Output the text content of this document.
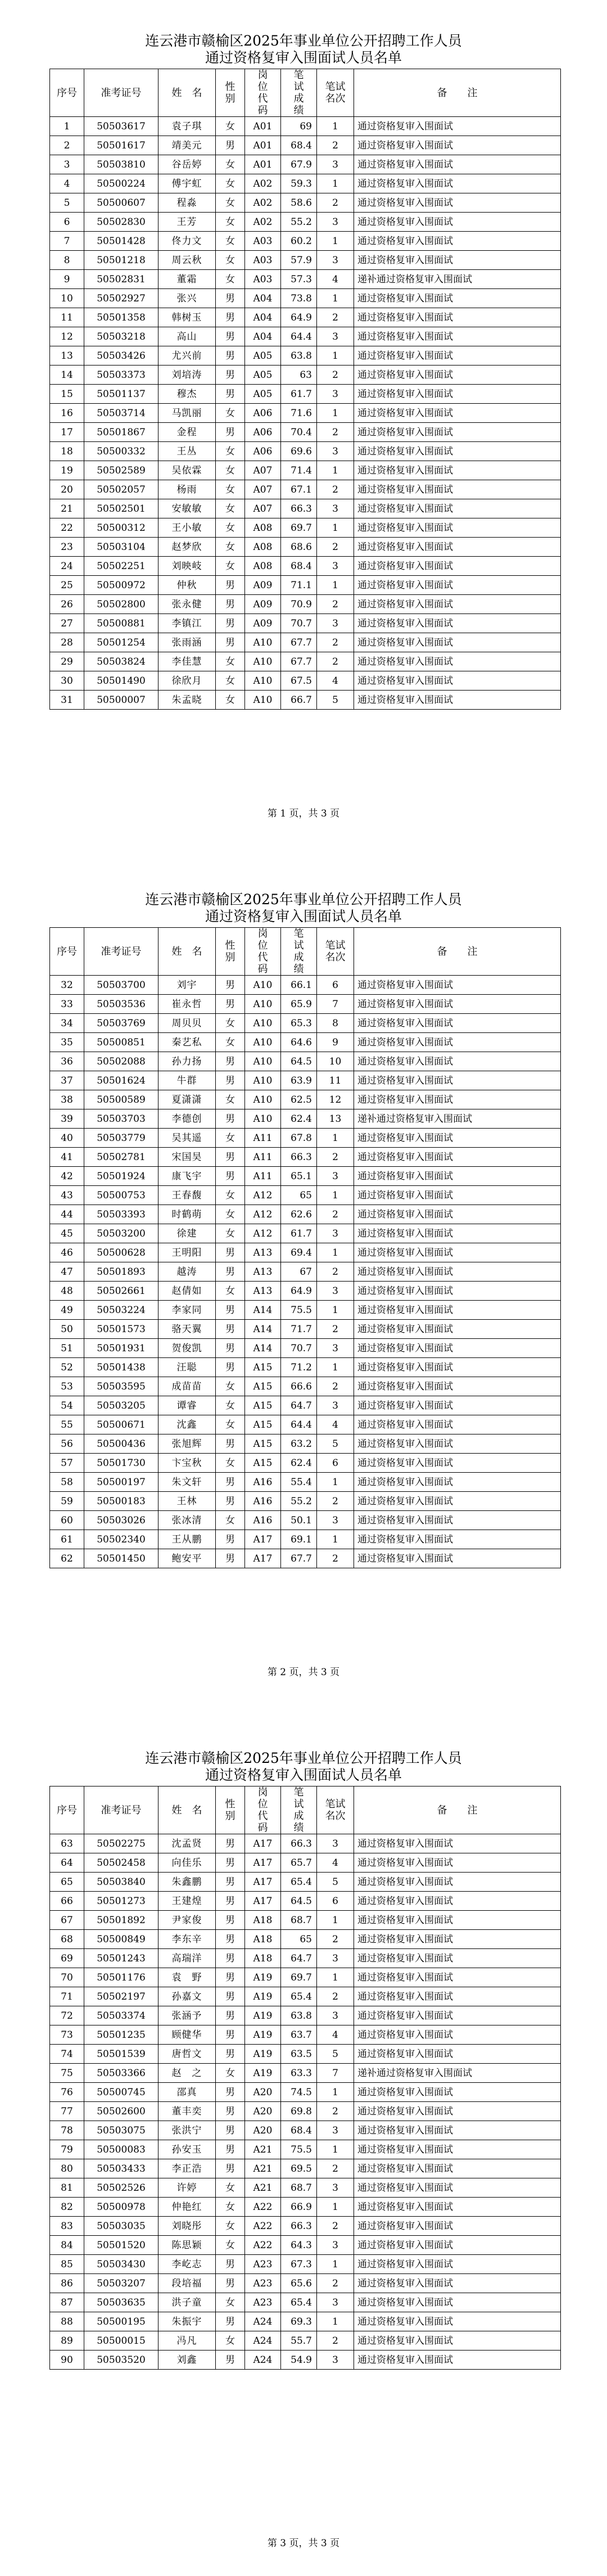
连云港市赣榆区2025年事业单位公开招聘工作人员
通过资格复审入围面试人员名单
序号	准考证号	姓　名	性别	岗位代码	笔试成绩	笔试名次	备　　注
1	50503617	袁子琪	女	A01	69	1	通过资格复审入围面试
2	50501617	靖美元	男	A01	68.4	2	通过资格复审入围面试
3	50503810	谷岳婷	女	A01	67.9	3	通过资格复审入围面试
4	50500224	傅宇虹	女	A02	59.3	1	通过资格复审入围面试
5	50500607	程淼	女	A02	58.6	2	通过资格复审入围面试
6	50502830	王芳	女	A02	55.2	3	通过资格复审入围面试
7	50501428	佟力文	女	A03	60.2	1	通过资格复审入围面试
8	50501218	周云秋	女	A03	57.9	3	通过资格复审入围面试
9	50502831	董霜	女	A03	57.3	4	递补通过资格复审入围面试
10	50502927	张兴	男	A04	73.8	1	通过资格复审入围面试
11	50501358	韩树玉	男	A04	64.9	2	通过资格复审入围面试
12	50503218	高山	男	A04	64.4	3	通过资格复审入围面试
13	50503426	尤兴前	男	A05	63.8	1	通过资格复审入围面试
14	50503373	刘培涛	男	A05	63	2	通过资格复审入围面试
15	50501137	穆杰	男	A05	61.7	3	通过资格复审入围面试
16	50503714	马凯丽	女	A06	71.6	1	通过资格复审入围面试
17	50501867	金程	男	A06	70.4	2	通过资格复审入围面试
18	50500332	王丛	女	A06	69.6	3	通过资格复审入围面试
19	50502589	吴依霖	女	A07	71.4	1	通过资格复审入围面试
20	50502057	杨雨	女	A07	67.1	2	通过资格复审入围面试
21	50502501	安敏敏	女	A07	66.3	3	通过资格复审入围面试
22	50500312	王小敏	女	A08	69.7	1	通过资格复审入围面试
23	50503104	赵梦欣	女	A08	68.6	2	通过资格复审入围面试
24	50502251	刘映岐	女	A08	68.4	3	通过资格复审入围面试
25	50500972	仲秋	男	A09	71.1	1	通过资格复审入围面试
26	50502800	张永健	男	A09	70.9	2	通过资格复审入围面试
27	50500881	李镇江	男	A09	70.7	3	通过资格复审入围面试
28	50501254	张雨涵	男	A10	67.7	2	通过资格复审入围面试
29	50503824	李佳慧	女	A10	67.7	2	通过资格复审入围面试
30	50501490	徐欣月	女	A10	67.5	4	通过资格复审入围面试
31	50500007	朱孟晓	女	A10	66.7	5	通过资格复审入围面试
第 1 页，共 3 页
连云港市赣榆区2025年事业单位公开招聘工作人员
通过资格复审入围面试人员名单
序号	准考证号	姓　名	性别	岗位代码	笔试成绩	笔试名次	备　　注
32	50503700	刘宇	男	A10	66.1	6	通过资格复审入围面试
33	50503536	崔永哲	男	A10	65.9	7	通过资格复审入围面试
34	50503769	周贝贝	女	A10	65.3	8	通过资格复审入围面试
35	50500851	秦艺私	女	A10	64.6	9	通过资格复审入围面试
36	50502088	孙力扬	男	A10	64.5	10	通过资格复审入围面试
37	50501624	牛群	男	A10	63.9	11	通过资格复审入围面试
38	50500589	夏潇潇	女	A10	62.5	12	通过资格复审入围面试
39	50503703	李德创	男	A10	62.4	13	递补通过资格复审入围面试
40	50503779	吴其遥	女	A11	67.8	1	通过资格复审入围面试
41	50502781	宋国昊	男	A11	66.3	2	通过资格复审入围面试
42	50501924	康飞宇	男	A11	65.1	3	通过资格复审入围面试
43	50500753	王春馥	女	A12	65	1	通过资格复审入围面试
44	50503393	时鹤萌	女	A12	62.6	2	通过资格复审入围面试
45	50503200	徐建	女	A12	61.7	3	通过资格复审入围面试
46	50500628	王明阳	男	A13	69.4	1	通过资格复审入围面试
47	50501893	越涛	男	A13	67	2	通过资格复审入围面试
48	50502661	赵倩如	女	A13	64.9	3	通过资格复审入围面试
49	50503224	李家同	男	A14	75.5	1	通过资格复审入围面试
50	50501573	骆天翼	男	A14	71.7	2	通过资格复审入围面试
51	50501931	贺俊凯	男	A14	70.7	3	通过资格复审入围面试
52	50501438	汪聪	男	A15	71.2	1	通过资格复审入围面试
53	50503595	成苗苗	女	A15	66.6	2	通过资格复审入围面试
54	50503205	谭睿	女	A15	64.7	3	通过资格复审入围面试
55	50500671	沈鑫	女	A15	64.4	4	通过资格复审入围面试
56	50500436	张旭辉	男	A15	63.2	5	通过资格复审入围面试
57	50501730	卞宝秋	女	A15	62.4	6	通过资格复审入围面试
58	50500197	朱文轩	男	A16	55.4	1	通过资格复审入围面试
59	50500183	王林	男	A16	55.2	2	通过资格复审入围面试
60	50503026	张冰清	女	A16	50.1	3	通过资格复审入围面试
61	50502340	王从鹏	男	A17	69.1	1	通过资格复审入围面试
62	50501450	鲍安平	男	A17	67.7	2	通过资格复审入围面试
第 2 页，共 3 页
连云港市赣榆区2025年事业单位公开招聘工作人员
通过资格复审入围面试人员名单
序号	准考证号	姓　名	性别	岗位代码	笔试成绩	笔试名次	备　　注
63	50502275	沈孟贤	男	A17	66.3	3	通过资格复审入围面试
64	50502458	向佳乐	男	A17	65.7	4	通过资格复审入围面试
65	50503840	朱鑫鹏	男	A17	65.4	5	通过资格复审入围面试
66	50501273	王建煌	男	A17	64.5	6	通过资格复审入围面试
67	50501892	尹家俊	男	A18	68.7	1	通过资格复审入围面试
68	50500849	李东辛	男	A18	65	2	通过资格复审入围面试
69	50501243	高瑞洋	男	A18	64.7	3	通过资格复审入围面试
70	50501176	袁　野	男	A19	69.7	1	通过资格复审入围面试
71	50502197	孙嘉文	男	A19	65.4	2	通过资格复审入围面试
72	50503374	张涵予	男	A19	63.8	3	通过资格复审入围面试
73	50501235	顾健华	男	A19	63.7	4	通过资格复审入围面试
74	50501539	唐哲文	男	A19	63.5	5	通过资格复审入围面试
75	50503366	赵　之	女	A19	63.3	7	递补通过资格复审入围面试
76	50500745	邵真	男	A20	74.5	1	通过资格复审入围面试
77	50502600	董丰奕	男	A20	69.8	2	通过资格复审入围面试
78	50503075	张洪宁	男	A20	68.4	3	通过资格复审入围面试
79	50500083	孙安玉	男	A21	75.5	1	通过资格复审入围面试
80	50503433	李正浩	男	A21	69.5	2	通过资格复审入围面试
81	50502526	许婷	女	A21	68.7	3	通过资格复审入围面试
82	50500978	仲艳红	女	A22	66.9	1	通过资格复审入围面试
83	50503035	刘晓彤	女	A22	66.3	2	通过资格复审入围面试
84	50501520	陈思颖	女	A22	64.3	3	通过资格复审入围面试
85	50503430	李屹志	男	A23	67.3	1	通过资格复审入围面试
86	50503207	段培福	男	A23	65.6	2	通过资格复审入围面试
87	50503635	洪子童	女	A23	65.4	3	通过资格复审入围面试
88	50500195	朱振宇	男	A24	69.3	1	通过资格复审入围面试
89	50500015	冯凡	女	A24	55.7	2	通过资格复审入围面试
90	50503520	刘鑫	男	A24	54.9	3	通过资格复审入围面试
第 3 页，共 3 页
